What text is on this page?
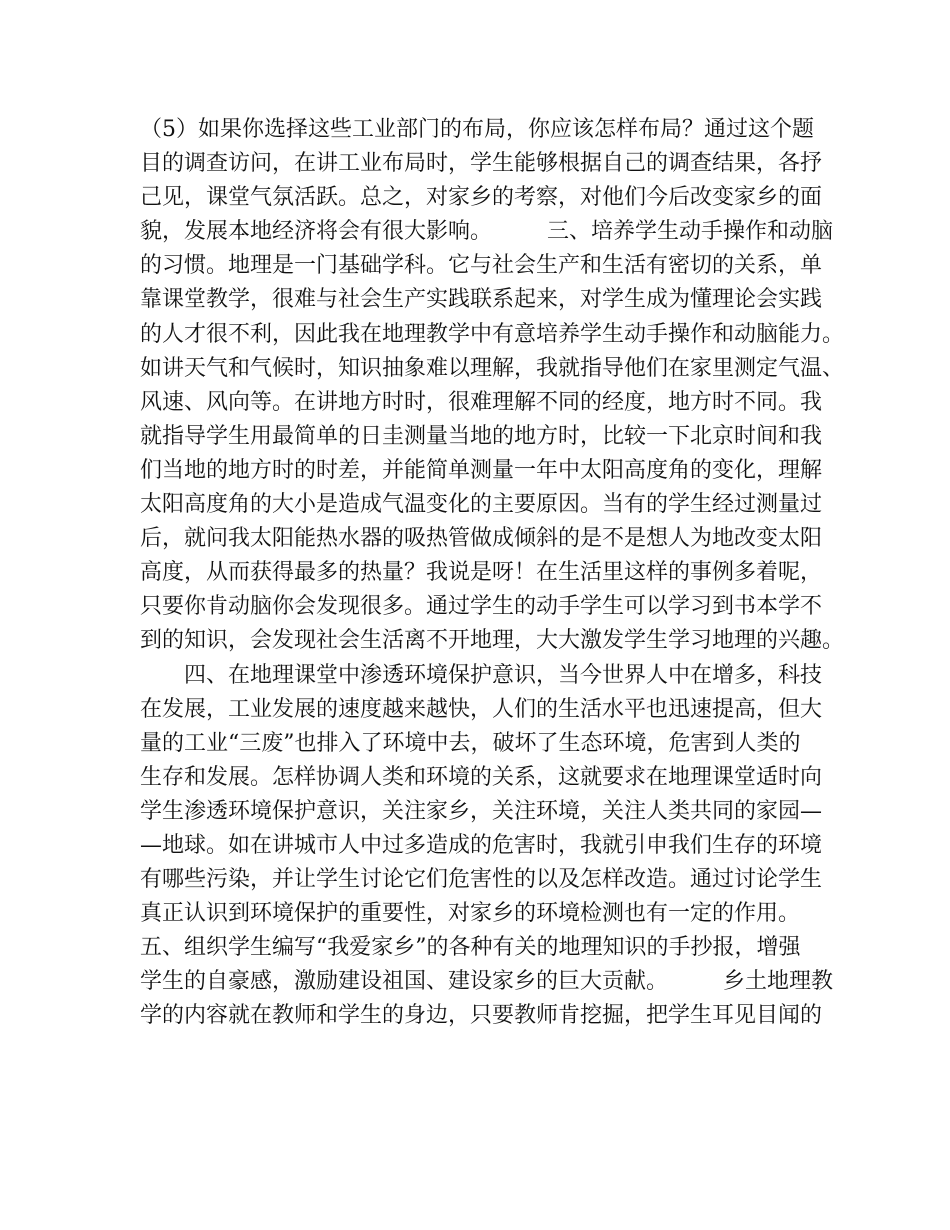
（5）如果你选择这些工业部门的布局，你应该怎样布局？通过这个题
目的调查访问，在讲工业布局时，学生能够根据自己的调查结果，各抒
己见，课堂气氛活跃。总之，对家乡的考察，对他们今后改变家乡的面
貌，发展本地经济将会有很大影响。　　　三、培养学生动手操作和动脑
的习惯。地理是一门基础学科。它与社会生产和生活有密切的关系，单
靠课堂教学，很难与社会生产实践联系起来，对学生成为懂理论会实践
的人才很不利，因此我在地理教学中有意培养学生动手操作和动脑能力。
如讲天气和气候时，知识抽象难以理解，我就指导他们在家里测定气温、
风速、风向等。在讲地方时时，很难理解不同的经度，地方时不同。我
就指导学生用最简单的日圭测量当地的地方时，比较一下北京时间和我
们当地的地方时的时差，并能简单测量一年中太阳高度角的变化，理解
太阳高度角的大小是造成气温变化的主要原因。当有的学生经过测量过
后，就问我太阳能热水器的吸热管做成倾斜的是不是想人为地改变太阳
高度，从而获得最多的热量？我说是呀！在生活里这样的事例多着呢，
只要你肯动脑你会发现很多。通过学生的动手学生可以学习到书本学不
到的知识，会发现社会生活离不开地理，大大激发学生学习地理的兴趣。
　　四、在地理课堂中渗透环境保护意识，当今世界人中在增多，科技
在发展，工业发展的速度越来越快，人们的生活水平也迅速提高，但大
量的工业“三废”也排入了环境中去，破坏了生态环境，危害到人类的
生存和发展。怎样协调人类和环境的关系，这就要求在地理课堂适时向
学生渗透环境保护意识，关注家乡，关注环境，关注人类共同的家园—
—地球。如在讲城市人中过多造成的危害时，我就引申我们生存的环境
有哪些污染，并让学生讨论它们危害性的以及怎样改造。通过讨论学生
真正认识到环境保护的重要性，对家乡的环境检测也有一定的作用。
五、组织学生编写“我爱家乡”的各种有关的地理知识的手抄报，增强
学生的自豪感，激励建设祖国、建设家乡的巨大贡献。　　　乡土地理教
学的内容就在教师和学生的身边，只要教师肯挖掘，把学生耳见目闻的
